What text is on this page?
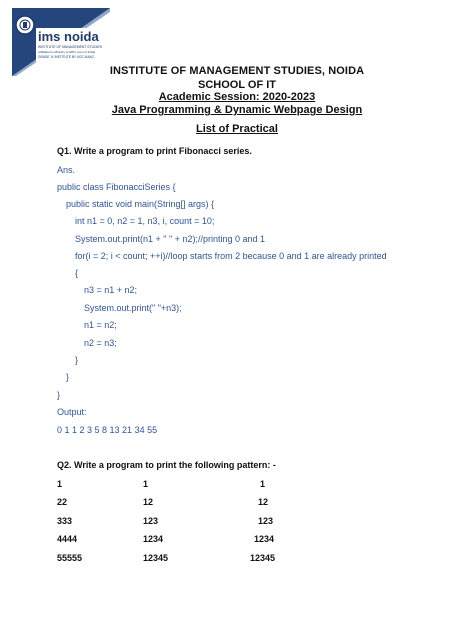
ims noida
INSTITUTE OF MANAGEMENT STUDIES
(Affiliated to Ministry of HRD, Govt of India)
GRADE 'A' INSTITUTE BY UGC-NAAC
INSTITUTE OF MANAGEMENT STUDIES, NOIDA
SCHOOL OF IT
Academic Session: 2020-2023
Java Programming & Dynamic Webpage Design
List of Practical
Q1. Write a program to print Fibonacci series.
Ans.
public class FibonacciSeries {
public static void main(String[] args) {
int n1 = 0, n2 = 1, n3, i, count = 10;
System.out.print(n1 + " " + n2);//printing 0 and 1
for(i = 2; i < count; ++i)//loop starts from 2 because 0 and 1 are already printed
{
n3 = n1 + n2;
System.out.print(" "+n3);
n1 = n2;
n2 = n3;
}
}
}
Output:
0 1 1 2 3 5 8 13 21 34 55
Q2. Write a program to print the following pattern: -
1	1	1
22	12	12
333	123	123
4444	1234	1234
55555	12345	12345
